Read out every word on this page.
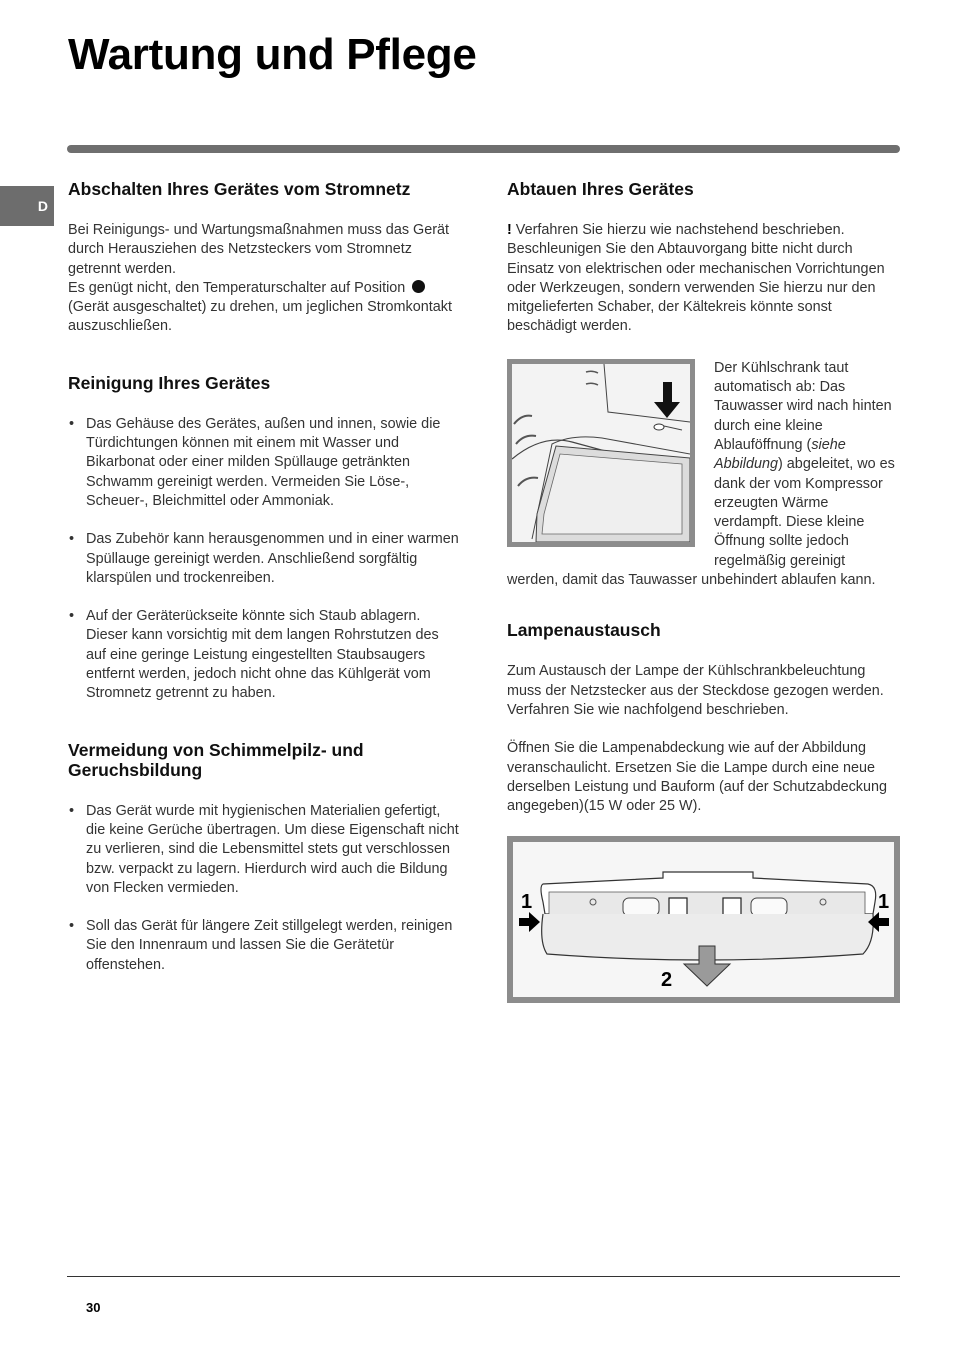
Wartung und Pflege
D
Abschalten Ihres Gerätes vom Stromnetz

Bei Reinigungs- und Wartungsmaßnahmen muss das Gerät durch Herausziehen des Netzsteckers vom Stromnetz getrennt werden.
Es genügt nicht, den Temperaturschalter auf Position  (Gerät ausgeschaltet) zu drehen, um jeglichen Stromkontakt auszuschließen.

Reinigung Ihres Gerätes
• Das Gehäuse des Gerätes, außen und innen, sowie die Türdichtungen können mit einem mit Wasser und Bikarbonat oder einer milden Spüllauge getränkten Schwamm gereinigt werden. Vermeiden Sie Löse-, Scheuer-, Bleichmittel oder Ammoniak.
• Das Zubehör kann herausgenommen und in einer warmen Spüllauge gereinigt werden. Anschließend sorgfältig klarspülen und trockenreiben.
• Auf der Geräterückseite könnte sich Staub ablagern. Dieser kann vorsichtig mit dem langen Rohrstutzen des auf eine geringe Leistung eingestellten Staubsaugers entfernt werden, jedoch nicht ohne das Kühlgerät vom Stromnetz getrennt zu haben.
Vermeidung von Schimmelpilz- und Geruchsbildung
• Das Gerät wurde mit hygienischen Materialien gefertigt, die keine Gerüche übertragen. Um diese Eigenschaft nicht zu verlieren, sind die Lebensmittel stets gut verschlossen bzw. verpackt zu lagern. Hierdurch wird auch die Bildung von Flecken vermieden.
• Soll das Gerät für längere Zeit stillgelegt werden, reinigen Sie den Innenraum und lassen Sie die Gerätetür offenstehen.
Abtauen Ihres Gerätes

! Verfahren Sie hierzu wie nachstehend beschrieben. Beschleunigen Sie den Abtauvorgang bitte nicht durch Einsatz von elektrischen oder mechanischen Vorrichtungen oder Werkzeugen, sondern verwenden Sie hierzu nur den mitgelieferten Schaber, der Kältekreis könnte sonst beschädigt werden.

Der Kühlschrank taut automatisch ab: Das Tauwasser wird nach hinten durch eine kleine Ablauföffnung (siehe Abbildung) abgeleitet, wo es dank der vom Kompressor erzeugten Wärme verdampft. Diese kleine Öffnung sollte jedoch regelmäßig gereinigt werden, damit das Tauwasser unbehindert ablaufen kann.

Lampenaustausch

Zum Austausch der Lampe der Kühlschrankbeleuchtung muss der Netzstecker aus der Steckdose gezogen werden. Verfahren Sie wie nachfolgend beschrieben.

Öffnen Sie die Lampenabdeckung wie auf der Abbildung veranschaulicht. Ersetzen Sie die Lampe durch eine neue derselben Leistung und Bauform (auf der Schutzabdeckung angegeben)(15 W oder 25 W).

1	1
2
30
